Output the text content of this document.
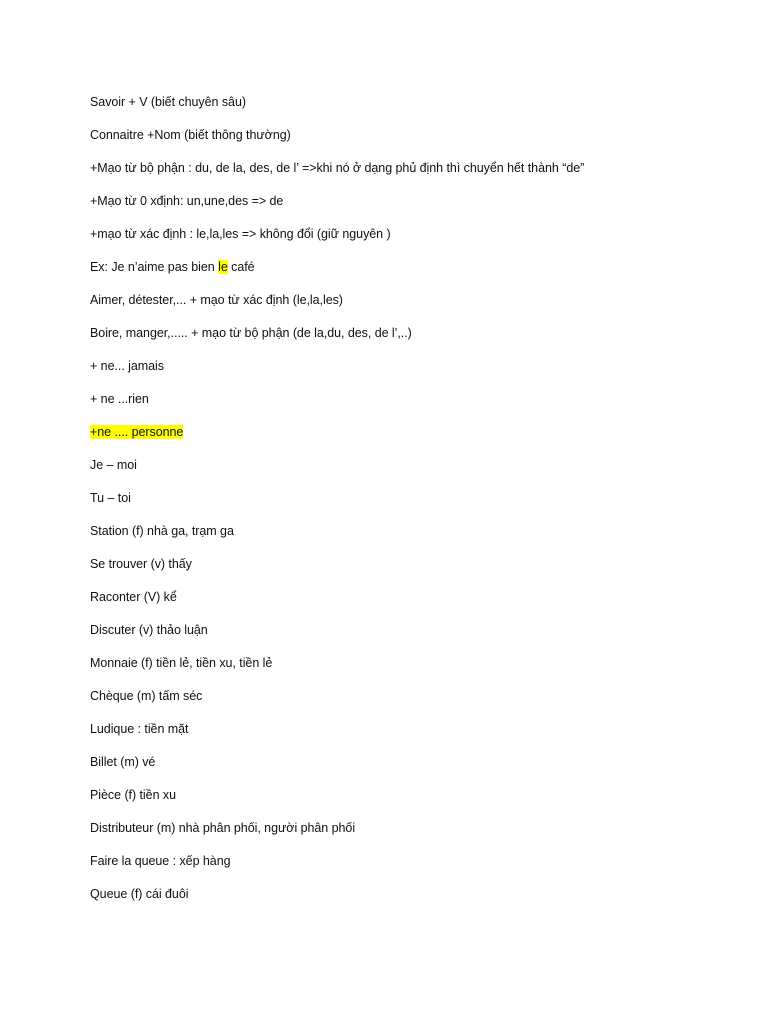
Savoir + V (biết chuyên sâu)
Connaitre +Nom (biết thông thường)
+Mạo từ bộ phận : du, de la, des, de l’ =>khi nó ở dạng phủ định thì chuyển hết thành “de”
+Mạo từ 0 xđịnh: un,une,des => de
+mạo từ xác định : le,la,les => không đổi (giữ nguyên )
Ex: Je n’aime pas bien le café
Aimer, détester,... + mạo từ xác định (le,la,les)
Boire, manger,..... + mạo từ bộ phận (de la,du, des, de l’,..)
+ ne... jamais
+ ne ...rien
+ne .... personne
Je – moi
Tu – toi
Station (f) nhà ga, trạm ga
Se trouver (v) thấy
Raconter (V) kể
Discuter (v) thảo luận
Monnaie (f) tiền lẻ, tiền xu, tiền lẻ
Chèque (m) tấm séc
Ludique : tiền mặt
Billet (m) vé
Pièce (f) tiền xu
Distributeur (m) nhà phân phối, người phân phối
Faire la queue : xếp hàng
Queue (f) cái đuôi
